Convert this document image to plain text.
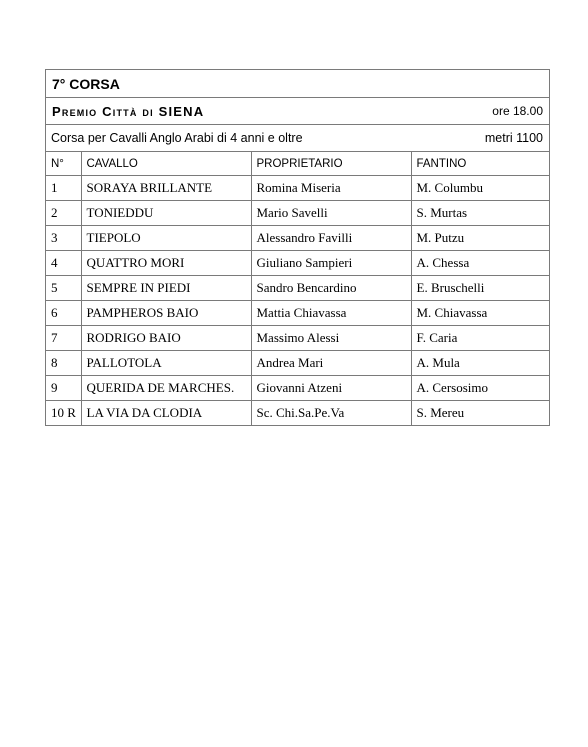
7° CORSA
Premio Città di SIENA	ore 18.00
Corsa per Cavalli Anglo Arabi di 4 anni e oltre	metri 1100
N°	CAVALLO	PROPRIETARIO	FANTINO
1	SORAYA BRILLANTE	Romina Miseria	M. Columbu
2	TONIEDDU	Mario Savelli	S. Murtas
3	TIEPOLO	Alessandro Favilli	M. Putzu
4	QUATTRO MORI	Giuliano Sampieri	A. Chessa
5	SEMPRE IN PIEDI	Sandro Bencardino	E. Bruschelli
6	PAMPHEROS BAIO	Mattia Chiavassa	M. Chiavassa
7	RODRIGO BAIO	Massimo Alessi	F. Caria
8	PALLOTOLA	Andrea Mari	A. Mula
9	QUERIDA DE MARCHES.	Giovanni Atzeni	A. Cersosimo
10 R	LA VIA DA CLODIA	Sc. Chi.Sa.Pe.Va	S. Mereu
